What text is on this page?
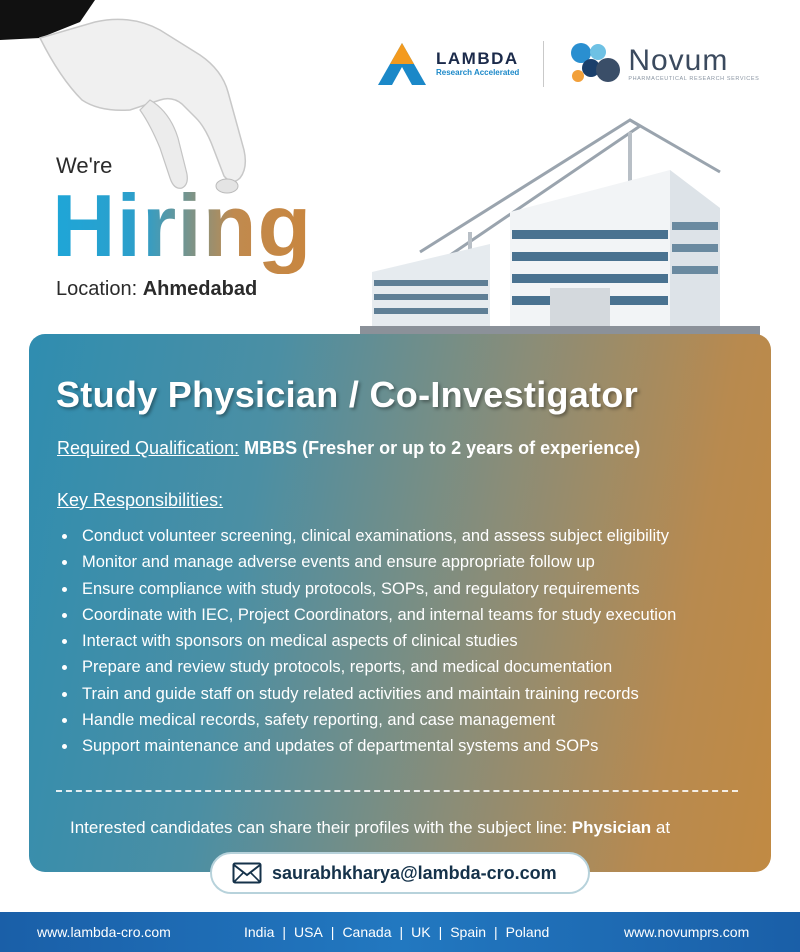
LAMBDA
Research Accelerated	Novum
PHARMACEUTICAL RESEARCH SERVICES
We're
Hiring
Location: Ahmedabad
Study Physician / Co-Investigator
Required Qualification: MBBS (Fresher or up to 2 years of experience)
Key Responsibilities:
Conduct volunteer screening, clinical examinations, and assess subject eligibility
Monitor and manage adverse events and ensure appropriate follow up
Ensure compliance with study protocols, SOPs, and regulatory requirements
Coordinate with IEC, Project Coordinators, and internal teams for study execution
Interact with sponsors on medical aspects of clinical studies
Prepare and review study protocols, reports, and medical documentation
Train and guide staff on study related activities and maintain training records
Handle medical records, safety reporting, and case management
Support maintenance and updates of departmental systems and SOPs
Interested candidates can share their profiles with the subject line: Physician at
saurabhkharya@lambda-cro.com
www.lambda-cro.com	India | USA | Canada | UK | Spain | Poland	www.novumprs.com
